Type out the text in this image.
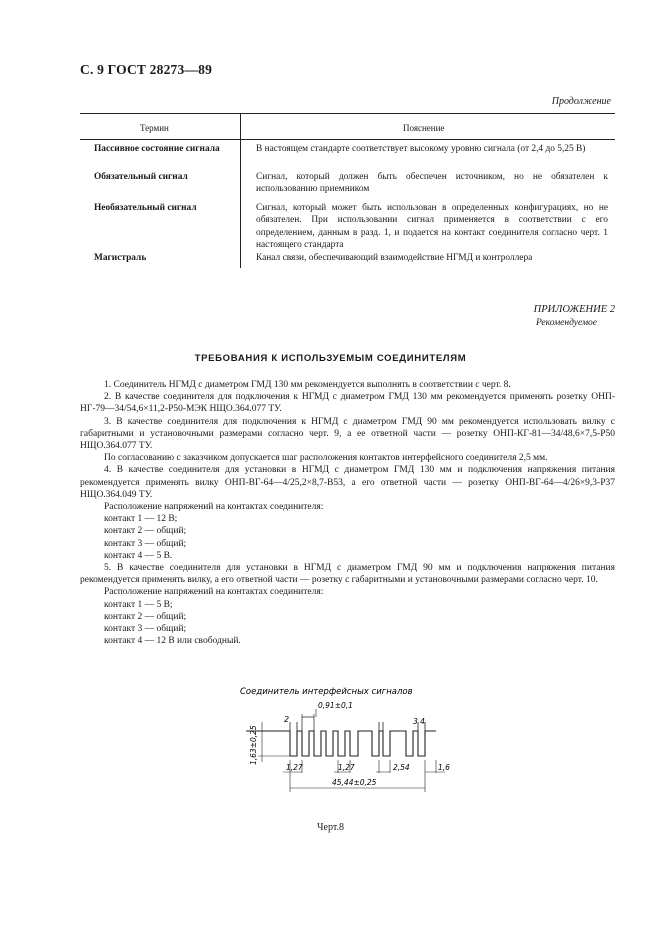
С. 9 ГОСТ 28273—89
Продолжение
Термин	Пояснение
Пассивное состояние сигнала	В настоящем стандарте соответствует высокому уровню сигнала (от 2,4 до 5,25 В)
Обязательный сигнал	Сигнал, который должен быть обеспечен источником, но не обязателен к использованию приемником
Необязательный сигнал	Сигнал, который может быть использован в определенных конфигурациях, но не обязателен. При использовании сигнал применяется в соответствии с его определением, данным в разд. 1, и подается на контакт соединителя согласно черт. 1 настоящего стандарта
Магистраль	Канал связи, обеспечивающий взаимодействие НГМД и контроллера
ПРИЛОЖЕНИЕ 2
Рекомендуемое
ТРЕБОВАНИЯ К ИСПОЛЬЗУЕМЫМ СОЕДИНИТЕЛЯМ

1. Соединитель НГМД с диаметром ГМД 130 мм рекомендуется выполнять в соответствии с черт. 8.

2. В качестве соединителя для подключения к НГМД с диаметром ГМД 130 мм рекомендуется применять розетку ОНП-НГ-79—34/54,6×11,2-Р50-МЭК НЩО.364.077 ТУ.

3. В качестве соединителя для подключения к НГМД с диаметром ГМД 90 мм рекомендуется использовать вилку с габаритными и установочными размерами согласно черт. 9, а ее ответной части — розетку ОНП-КГ-81—34/48,6×7,5-Р50 НЩО.364.077 ТУ.

По согласованию с заказчиком допускается шаг расположения контактов интерфейсного соединителя 2,5 мм.

4. В качестве соединителя для установки в НГМД с диаметром ГМД 130 мм и подключения напряжения питания рекомендуется применять вилку ОНП-ВГ-64—4/25,2×8,7-В53, а его ответной части — розетку ОНП-ВГ-64—4/26×9,3-Р37 НЩО.364.049 ТУ.

Расположение напряжений на контактах соединителя:

контакт 1 — 12 В;

контакт 2 — общий;

контакт 3 — общий;

контакт 4 — 5 В.

5. В качестве соединителя для установки в НГМД с диаметром ГМД 90 мм и подключения напряжения питания рекомендуется применять вилку, а его ответной части — розетку с габаритными и установочными размерами согласно черт. 10.

Расположение напряжений на контактах соединителя:

контакт 1 — 5 В;

контакт 2 — общий;

контакт 3 — общий;

контакт 4 — 12 В или свободный.

Соединитель интерфейсных сигналов
0,91±0,1
2	3 4
1,63±0,25
1,27	1,27	2,54	1,6
45,44±0,25
Черт.8
